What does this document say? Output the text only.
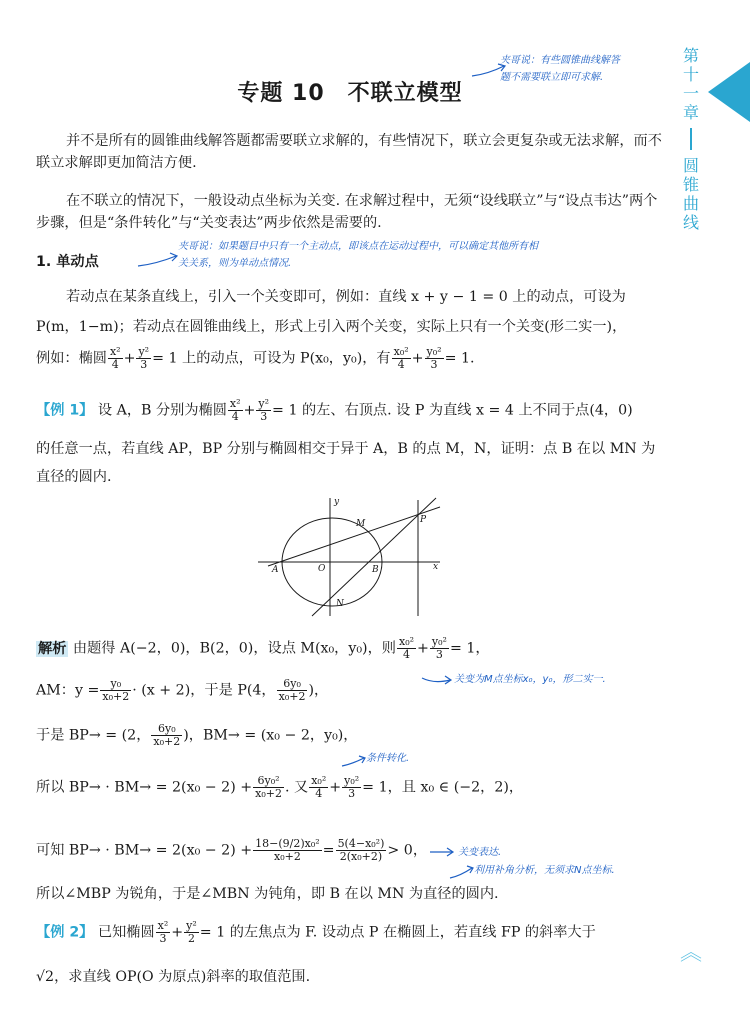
第
十
一
章
圆
锥
曲
线
专题 10　不联立模型
夹哥说：有些圆锥曲线解答
题不需要联立即可求解.
并不是所有的圆锥曲线解答题都需要联立求解的，有些情况下，联立会更复杂或无法求解，而不联立求解即更加简洁方便.
在不联立的情况下，一般设动点坐标为关变. 在求解过程中，无须“设线联立”与“设点韦达”两个步骤，但是“条件转化”与“关变表达”两步依然是需要的.
1. 单动点
夹哥说：如果题目中只有一个主动点，即该点在运动过程中，可以确定其他所有相
关关系，则为单动点情况.
若动点在某条直线上，引入一个关变即可，例如：直线 x + y − 1 = 0 上的动点，可设为
P(m，1−m)；若动点在圆锥曲线上，形式上引入两个关变，实际上只有一个关变(形二实一)，
例如：椭圆 $\frac{\text{x²}}{4} + \frac{\text{y²}}{3} = 1$ 上的动点，可设为 P(x₀，y₀)，有 $\frac{\text{x₀²}}{4} + \frac{\text{y₀²}}{3} = 1$.
【例 1】 设 A，B 分别为椭圆 $\frac{\text{x²}}{4} + \frac{\text{y²}}{3} = 1$ 的左、右顶点. 设 P 为直线 x = 4 上不同于点(4，0)
的任意一点，若直线 AP，BP 分别与椭圆相交于异于 A，B 的点 M，N，证明：点 B 在以 MN 为
直径的圆内.
A	O	B
M
N
P
x
y
解析 由题得 A(−2，0)，B(2，0)，设点 M(x₀，y₀)，则 $\frac{\text{x₀²}}{4} + \frac{\text{y₀²}}{3} = 1$，
AM：$y = \frac{\text{y₀}}{\text{x₀+2}} \cdot (x + 2)$，于是 P(4， $\frac{\text{6y₀}}{\text{x₀+2}}$ )，
关变为M点坐标x₀，y₀，形二实一.
于是 BP→ = (2， $\frac{\text{6y₀}}{\text{x₀+2}}$ )，BM→ = (x₀ − 2，y₀)，
条件转化.
所以 $BP\to \cdot BM\to = 2(x_0 - 2) + \frac{\text{6y₀²}}{\text{x₀+2}}$ . 又 $\frac{\text{x₀²}}{4} + \frac{\text{y₀²}}{3} = 1$，且 x₀ ∈ (−2，2)，
可知 $BP\to \cdot BM\to = 2(x_0 - 2) + \frac{\text{18−(9/2)x₀²}}{\text{x₀+2}} = \frac{\text{5(4−x₀²)}}{\text{2(x₀+2)}} > 0$，	关变表达.
利用补角分析，无须求N点坐标.
所以∠MBP 为锐角，于是∠MBN 为钝角，即 B 在以 MN 为直径的圆内.
【例 2】 已知椭圆 $\frac{\text{x²}}{3} + \frac{\text{y²}}{2} = 1$ 的左焦点为 F. 设动点 P 在椭圆上，若直线 FP 的斜率大于
√2，求直线 OP(O 为原点)斜率的取值范围.
︽
